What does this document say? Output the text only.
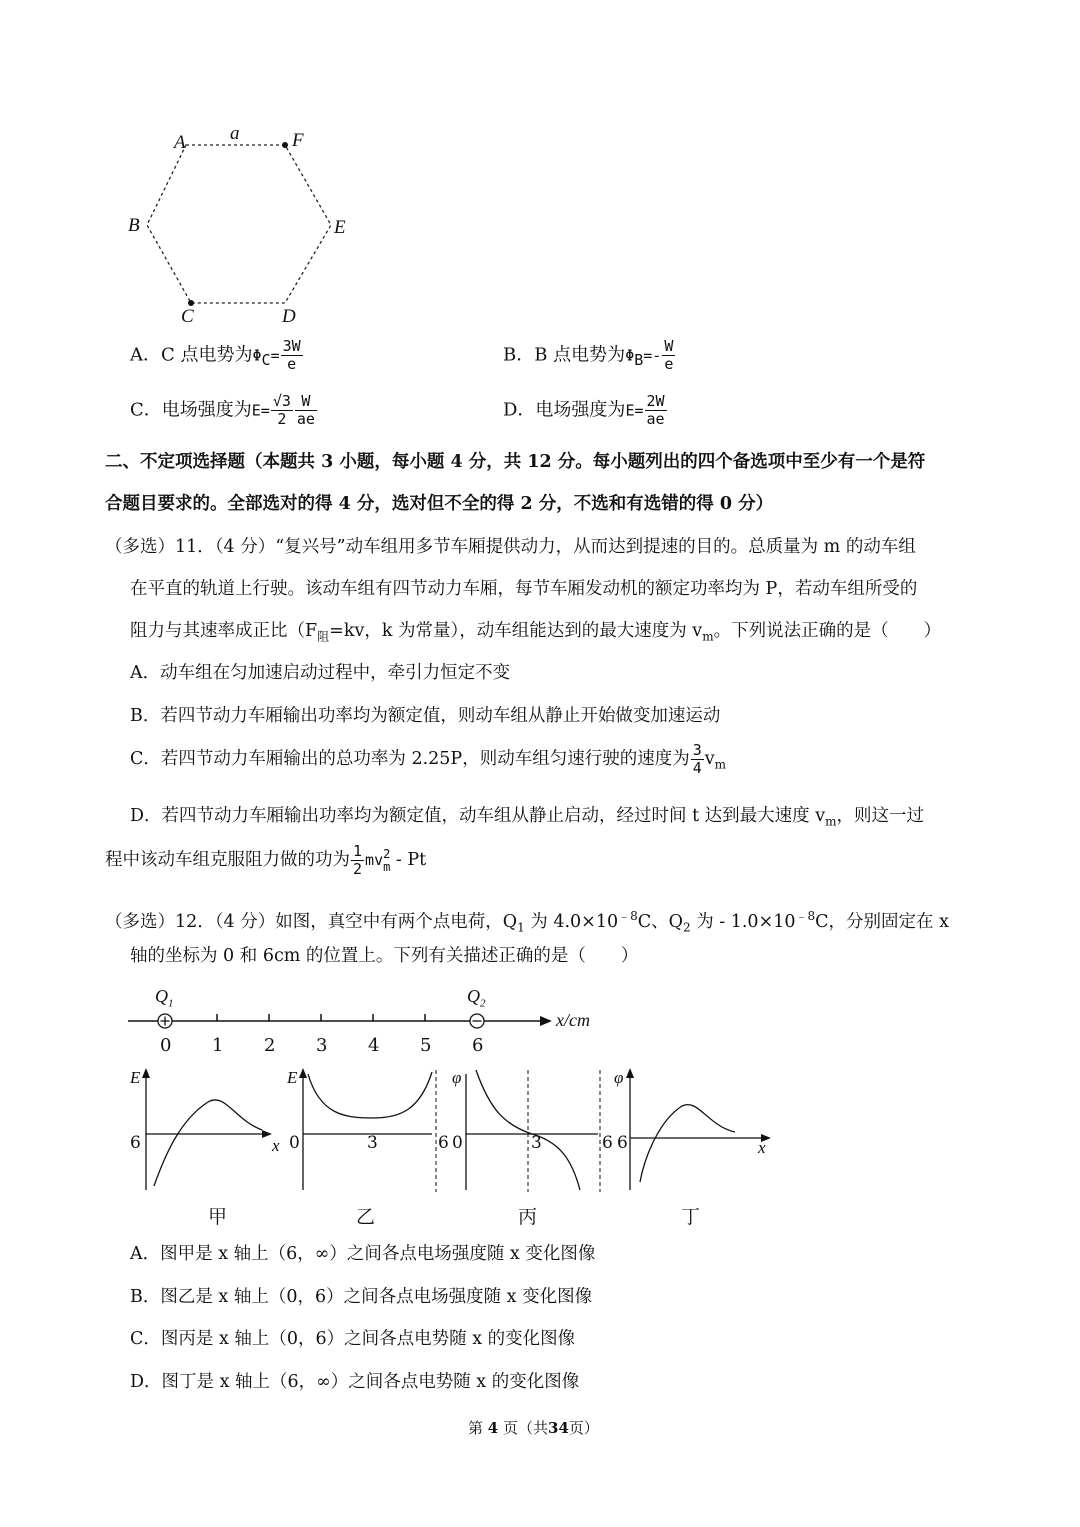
a
A	F
B	E
C	D
A．C 点电势为$\Phi_C= \frac{3W}{e}$	B．B 点电势为$\Phi_B=- \frac{W}{e}$
C．电场强度为$E= \frac{√3}{2} \frac{W}{ae}$	D．电场强度为$E= \frac{2W}{ae}$
二、不定项选择题（本题共 3 小题，每小题 4 分，共 12 分。每小题列出的四个备选项中至少有一个是符
合题目要求的。全部选对的得 4 分，选对但不全的得 2 分，不选和有选错的得 0 分）
（多选）11．（4 分）“复兴号”动车组用多节车厢提供动力，从而达到提速的目的。总质量为 m 的动车组
在平直的轨道上行驶。该动车组有四节动力车厢，每节车厢发动机的额定功率均为 P，若动车组所受的
阻力与其速率成正比（$F_阻=kv$，k 为常量），动车组能达到的最大速度为 $v_m$。下列说法正确的是（　　）
A．动车组在匀加速启动过程中，牵引力恒定不变
B．若四节动力车厢输出功率均为额定值，则动车组从静止开始做变加速运动
C．若四节动力车厢输出的总功率为 2.25P，则动车组匀速行驶的速度为 $\frac{3}{4} v_m$
D．若四节动力车厢输出功率均为额定值，动车组从静止启动，经过时间 t 达到最大速度 $v_m$，则这一过
程中该动车组克服阻力做的功为 $\frac{1}{2}$ mv 2
m - Pt
（多选）12．（4 分）如图，真空中有两个点电荷，$Q_1$ 为 $4.0\times 10^{﹣8}C$、$Q_2$ 为 - $1.0\times 10^{﹣8}C$，分别固定在 x
轴的坐标为 0 和 6cm 的位置上。下列有关描述正确的是（　　）
$Q_1$	$Q_2$
x/cm
0 1 2 3 4 5 6
E
6	x
甲
E
0	3	6
乙
φ
0	3	6
丙
φ
6	x
丁
A．图甲是 x 轴上（6，∞）之间各点电场强度随 x 变化图像
B．图乙是 x 轴上（0，6）之间各点电场强度随 x 变化图像
C．图丙是 x 轴上（0，6）之间各点电势随 x 的变化图像
D．图丁是 x 轴上（6，∞）之间各点电势随 x 的变化图像
第 4 页（共34页）
